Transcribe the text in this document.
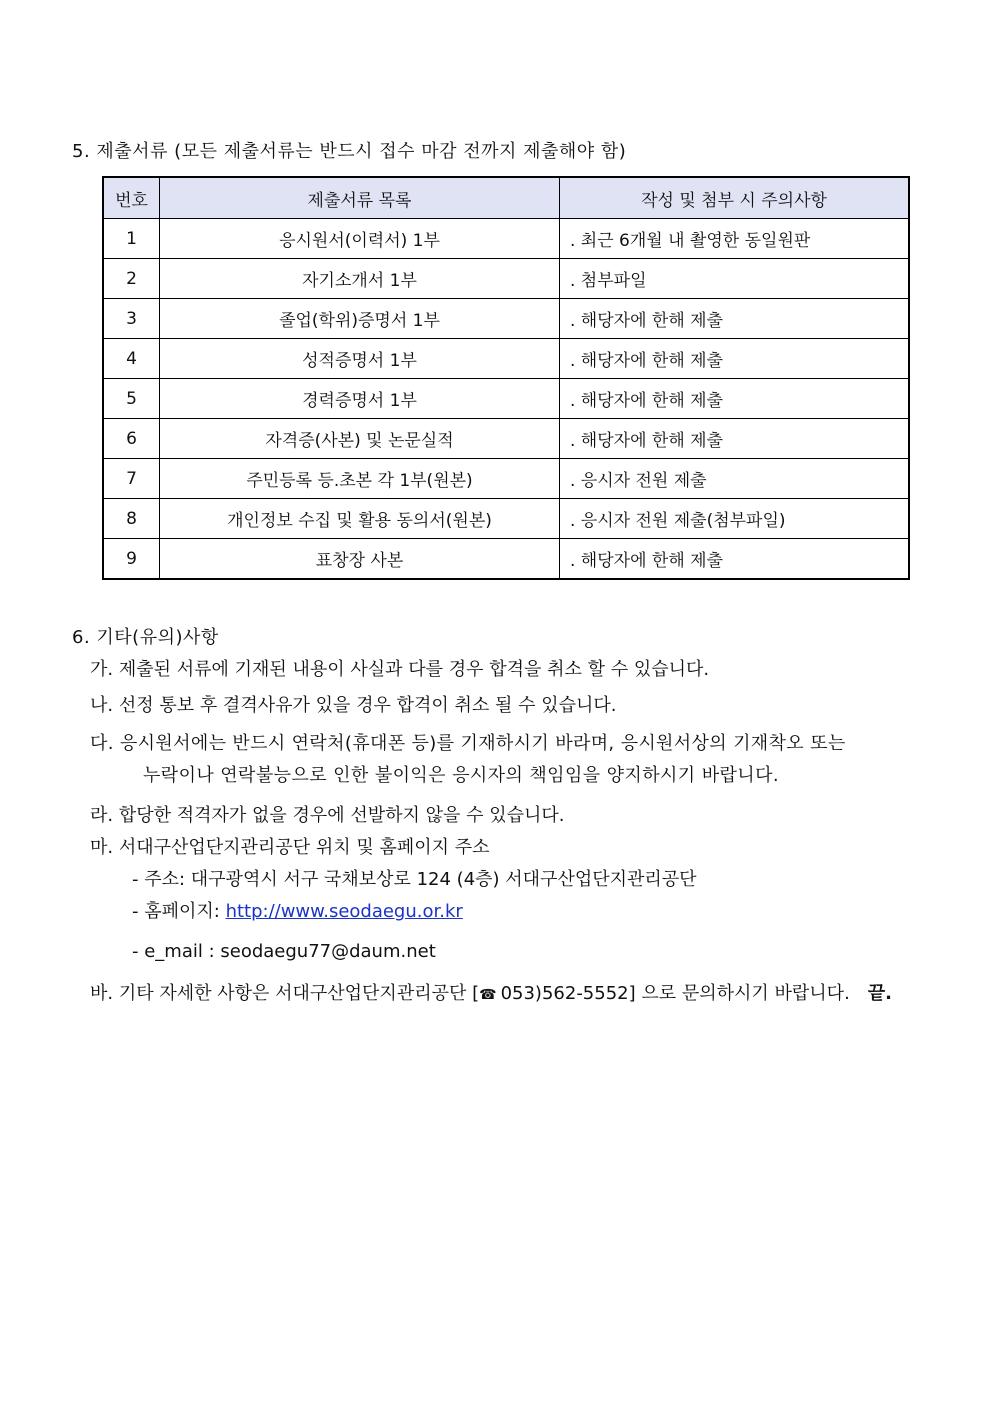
5. 제출서류 (모든 제출서류는 반드시 접수 마감 전까지 제출해야 함)
번호	제출서류 목록	작성 및 첨부 시 주의사항
1	응시원서(이력서) 1부	. 최근 6개월 내 촬영한 동일원판
2	자기소개서 1부	. 첨부파일
3	졸업(학위)증명서 1부	. 해당자에 한해 제출
4	성적증명서 1부	. 해당자에 한해 제출
5	경력증명서 1부	. 해당자에 한해 제출
6	자격증(사본) 및 논문실적	. 해당자에 한해 제출
7	주민등록 등.초본 각 1부(원본)	. 응시자 전원 제출
8	개인정보 수집 및 활용 동의서(원본)	. 응시자 전원 제출(첨부파일)
9	표창장 사본	. 해당자에 한해 제출
6. 기타(유의)사항
가. 제출된 서류에 기재된 내용이 사실과 다를 경우 합격을 취소 할 수 있습니다.
나. 선정 통보 후 결격사유가 있을 경우 합격이 취소 될 수 있습니다.
다. 응시원서에는 반드시 연락처(휴대폰 등)를 기재하시기 바라며, 응시원서상의 기재착오 또는
누락이나 연락불능으로 인한 불이익은 응시자의 책임임을 양지하시기 바랍니다.
라. 합당한 적격자가 없을 경우에 선발하지 않을 수 있습니다.
마. 서대구산업단지관리공단 위치 및 홈페이지 주소
- 주소: 대구광역시 서구 국채보상로 124 (4층) 서대구산업단지관리공단
- 홈페이지: http://www.seodaegu.or.kr
- e_mail : seodaegu77@daum.net
바. 기타 자세한 사항은 서대구산업단지관리공단 [☎ 053)562-5552] 으로 문의하시기 바랍니다. 끝.
